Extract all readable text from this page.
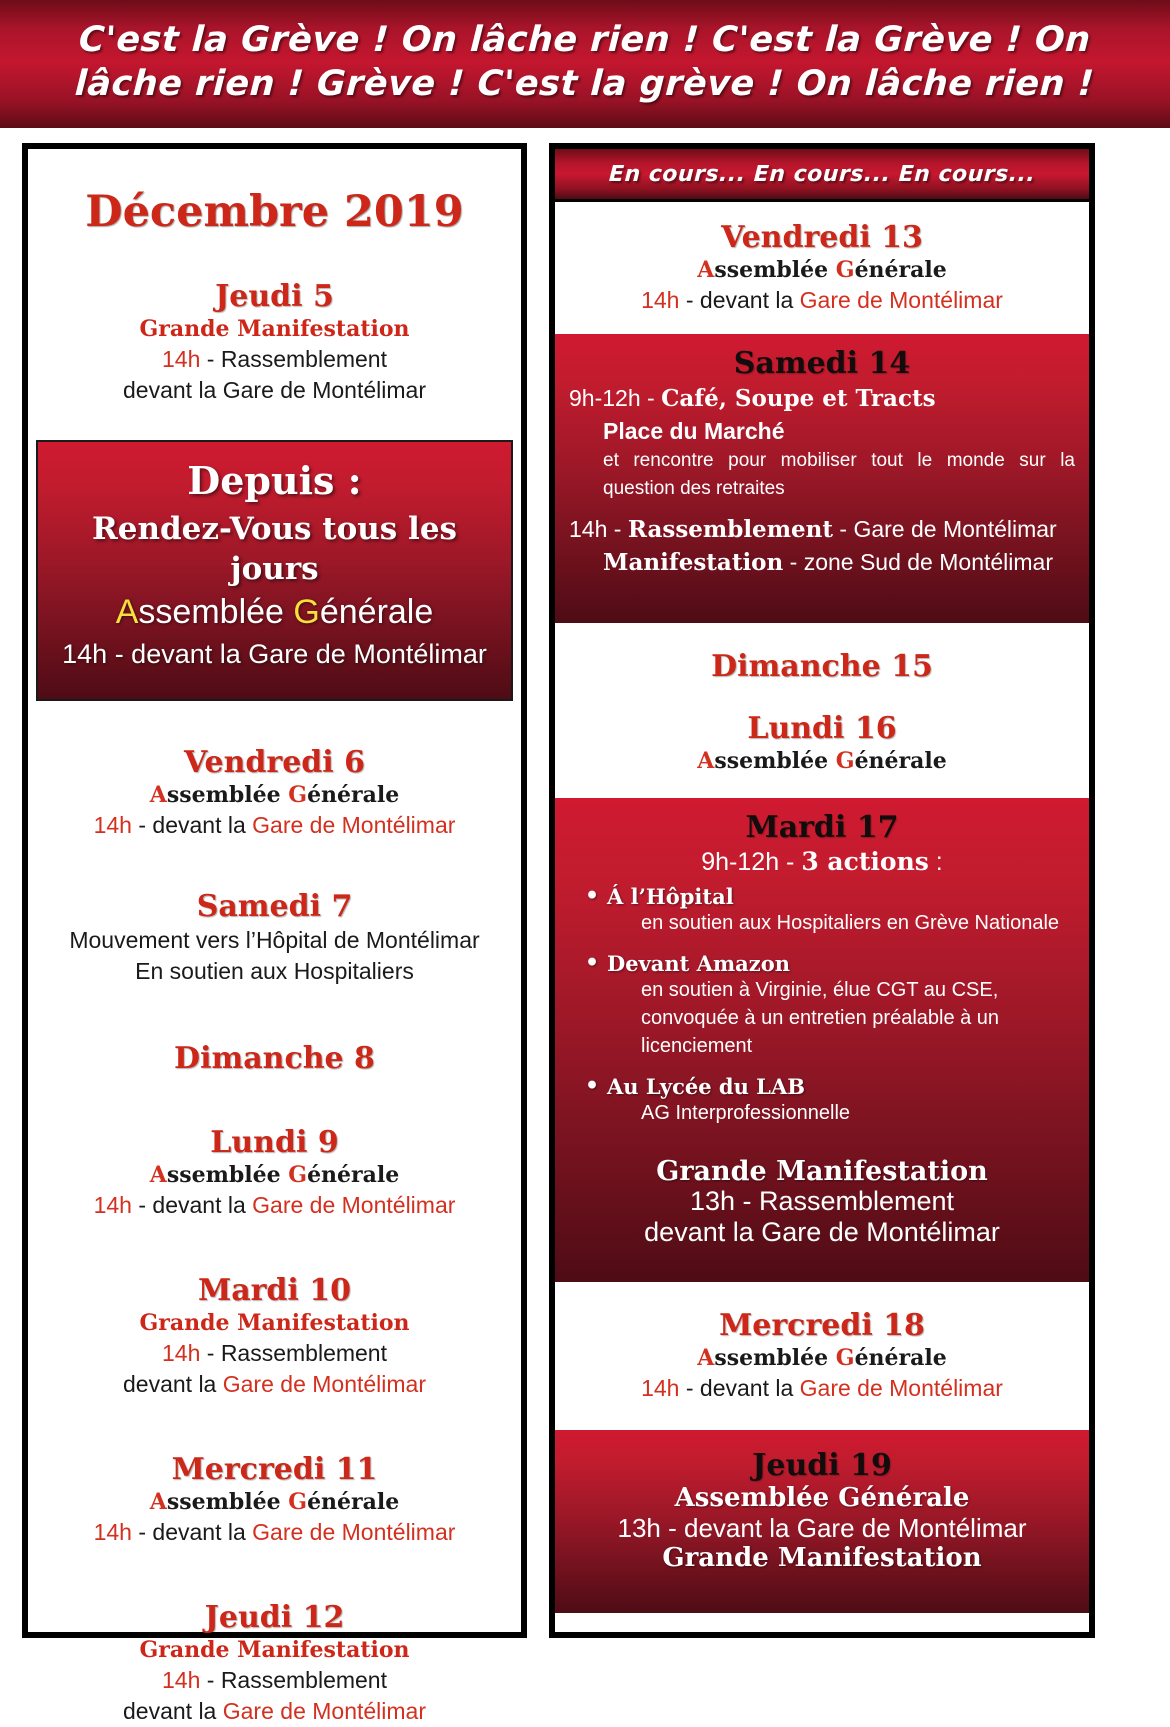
C'est la Grève ! On lâche rien ! C'est la Grève ! On
lâche rien ! Grève ! C'est la grève ! On lâche rien !
Décembre 2019
Jeudi 5
Grande Manifestation
14h - Rassemblement
devant la Gare de Montélimar
Depuis :
Rendez-Vous tous les jours
Assemblée Générale
14h - devant la Gare de Montélimar
Vendredi 6
Assemblée Générale
14h - devant la Gare de Montélimar
Samedi 7
Mouvement vers l’Hôpital de Montélimar
En soutien aux Hospitaliers
Dimanche 8
Lundi 9
Assemblée Générale
14h - devant la Gare de Montélimar
Mardi 10
Grande Manifestation
14h - Rassemblement
devant la Gare de Montélimar
Mercredi 11
Assemblée Générale
14h - devant la Gare de Montélimar
Jeudi 12
Grande Manifestation
14h - Rassemblement
devant la Gare de Montélimar
En cours... En cours... En cours...
Vendredi 13
Assemblée Générale
14h - devant la Gare de Montélimar
Samedi 14
9h-12h - Café, Soupe et Tracts
Place du Marché
et rencontre pour mobiliser tout le monde sur la question des retraites
14h - Rassemblement - Gare de Montélimar
Manifestation - zone Sud de Montélimar
Dimanche 15
Lundi 16
Assemblée Générale
Mardi 17
9h-12h - 3 actions :
• Á l’Hôpital
en soutien aux Hospitaliers en Grève Nationale
• Devant Amazon
en soutien à Virginie, élue CGT au CSE, convoquée à un entretien préalable à un licenciement
• Au Lycée du LAB
AG Interprofessionnelle
Grande Manifestation
13h - Rassemblement
devant la Gare de Montélimar
Mercredi 18
Assemblée Générale
14h - devant la Gare de Montélimar
Jeudi 19
Assemblée Générale
13h - devant la Gare de Montélimar
Grande Manifestation
